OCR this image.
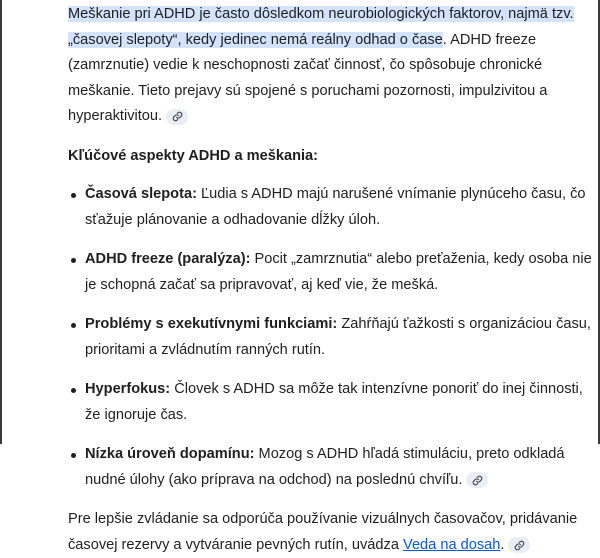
Meškanie pri ADHD je často dôsledkom neurobiologických faktorov, najmä tzv. „časovej slepoty“, kedy jedinec nemá reálny odhad o čase. ADHD freeze (zamrznutie) vedie k neschopnosti začať činnosť, čo spôsobuje chronické meškanie. Tieto prejavy sú spojené s poruchami pozornosti, impulzivitou a hyperaktivitou.

Kľúčové aspekty ADHD a meškania:
Časová slepota: Ľudia s ADHD majú narušené vnímanie plynúceho času, čo sťažuje plánovanie a odhadovanie dĺžky úloh.
ADHD freeze (paralýza): Pocit „zamrznutia“ alebo preťaženia, kedy osoba nie je schopná začať sa pripravovať, aj keď vie, že mešká.
Problémy s exekutívnymi funkciami: Zahŕňajú ťažkosti s organizáciou času, prioritami a zvládnutím ranných rutín.
Hyperfokus: Človek s ADHD sa môže tak intenzívne ponoriť do inej činnosti, že ignoruje čas.
Nízka úroveň dopamínu: Mozog s ADHD hľadá stimuláciu, preto odkladá nudné úlohy (ako príprava na odchod) na poslednú chvíľu.

Pre lepšie zvládanie sa odporúča používanie vizuálnych časovačov, pridávanie časovej rezervy a vytváranie pevných rutín, uvádza Veda na dosah.
